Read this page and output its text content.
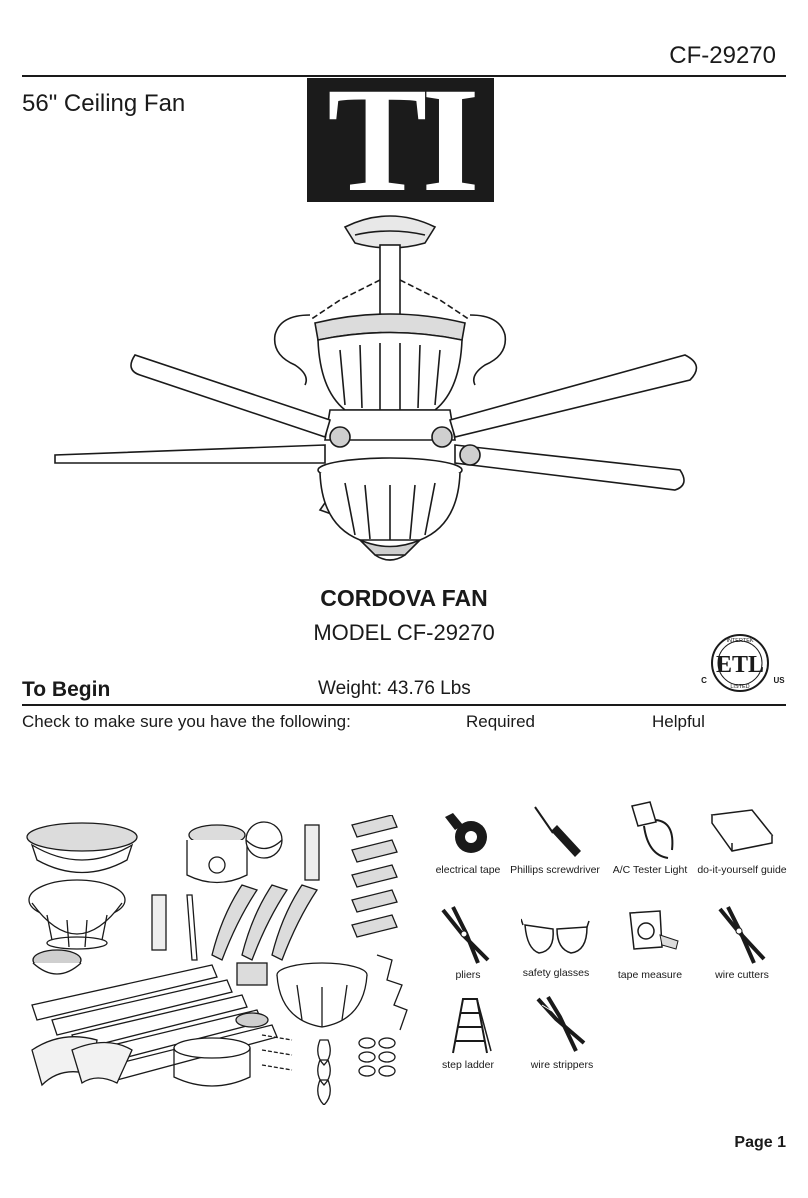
CF-29270
56" Ceiling Fan TI
CORDOVA FAN
MODEL CF-29270
ETL
INTERTEK
LISTED
C	US
To Begin	Weight: 43.76 Lbs
Check to make sure you have the following:	Required	Helpful
electrical tape Phillips screwdriver	A/C Tester Light do-it-yourself guide
pliers	safety glasses	tape measure	wire cutters
step ladder	wire strippers
Page 1
